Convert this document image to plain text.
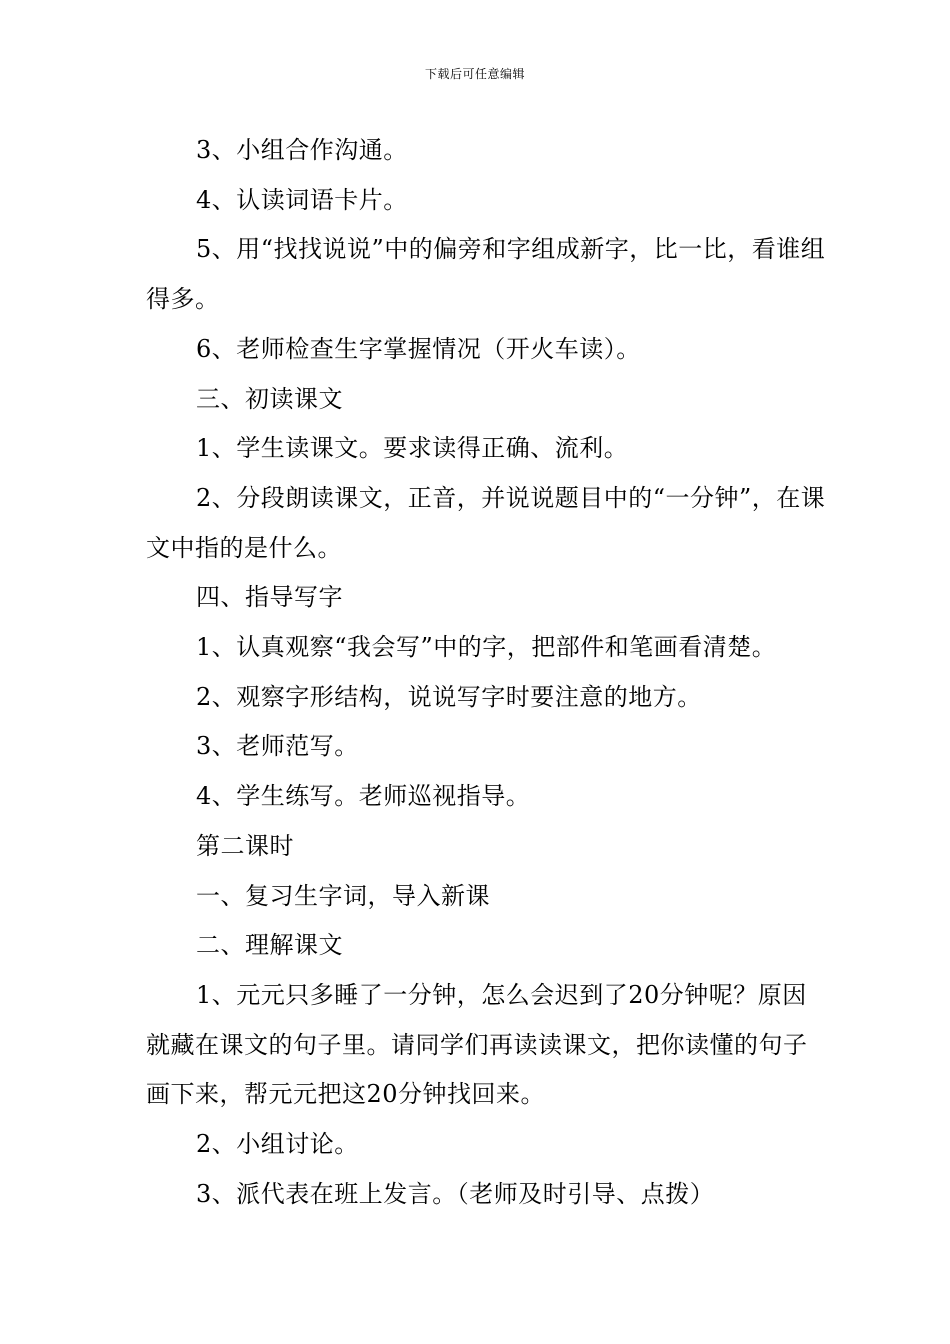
下载后可任意编辑

3、小组合作沟通。

4、认读词语卡片。

5、用“找找说说”中的偏旁和字组成新字，比一比，看谁组得多。

6、老师检查生字掌握情况（开火车读）。

三、初读课文

1、学生读课文。要求读得正确、流利。

2、分段朗读课文，正音，并说说题目中的“一分钟”，在课文中指的是什么。

四、指导写字

1、认真观察“我会写”中的字，把部件和笔画看清楚。

2、观察字形结构，说说写字时要注意的地方。

3、老师范写。

4、学生练写。老师巡视指导。

第二课时

一、复习生字词，导入新课

二、理解课文

1、元元只多睡了一分钟，怎么会迟到了20分钟呢？原因就藏在课文的句子里。请同学们再读读课文，把你读懂的句子画下来，帮元元把这20分钟找回来。

2、小组讨论。

3、派代表在班上发言。（老师及时引导、点拨）
